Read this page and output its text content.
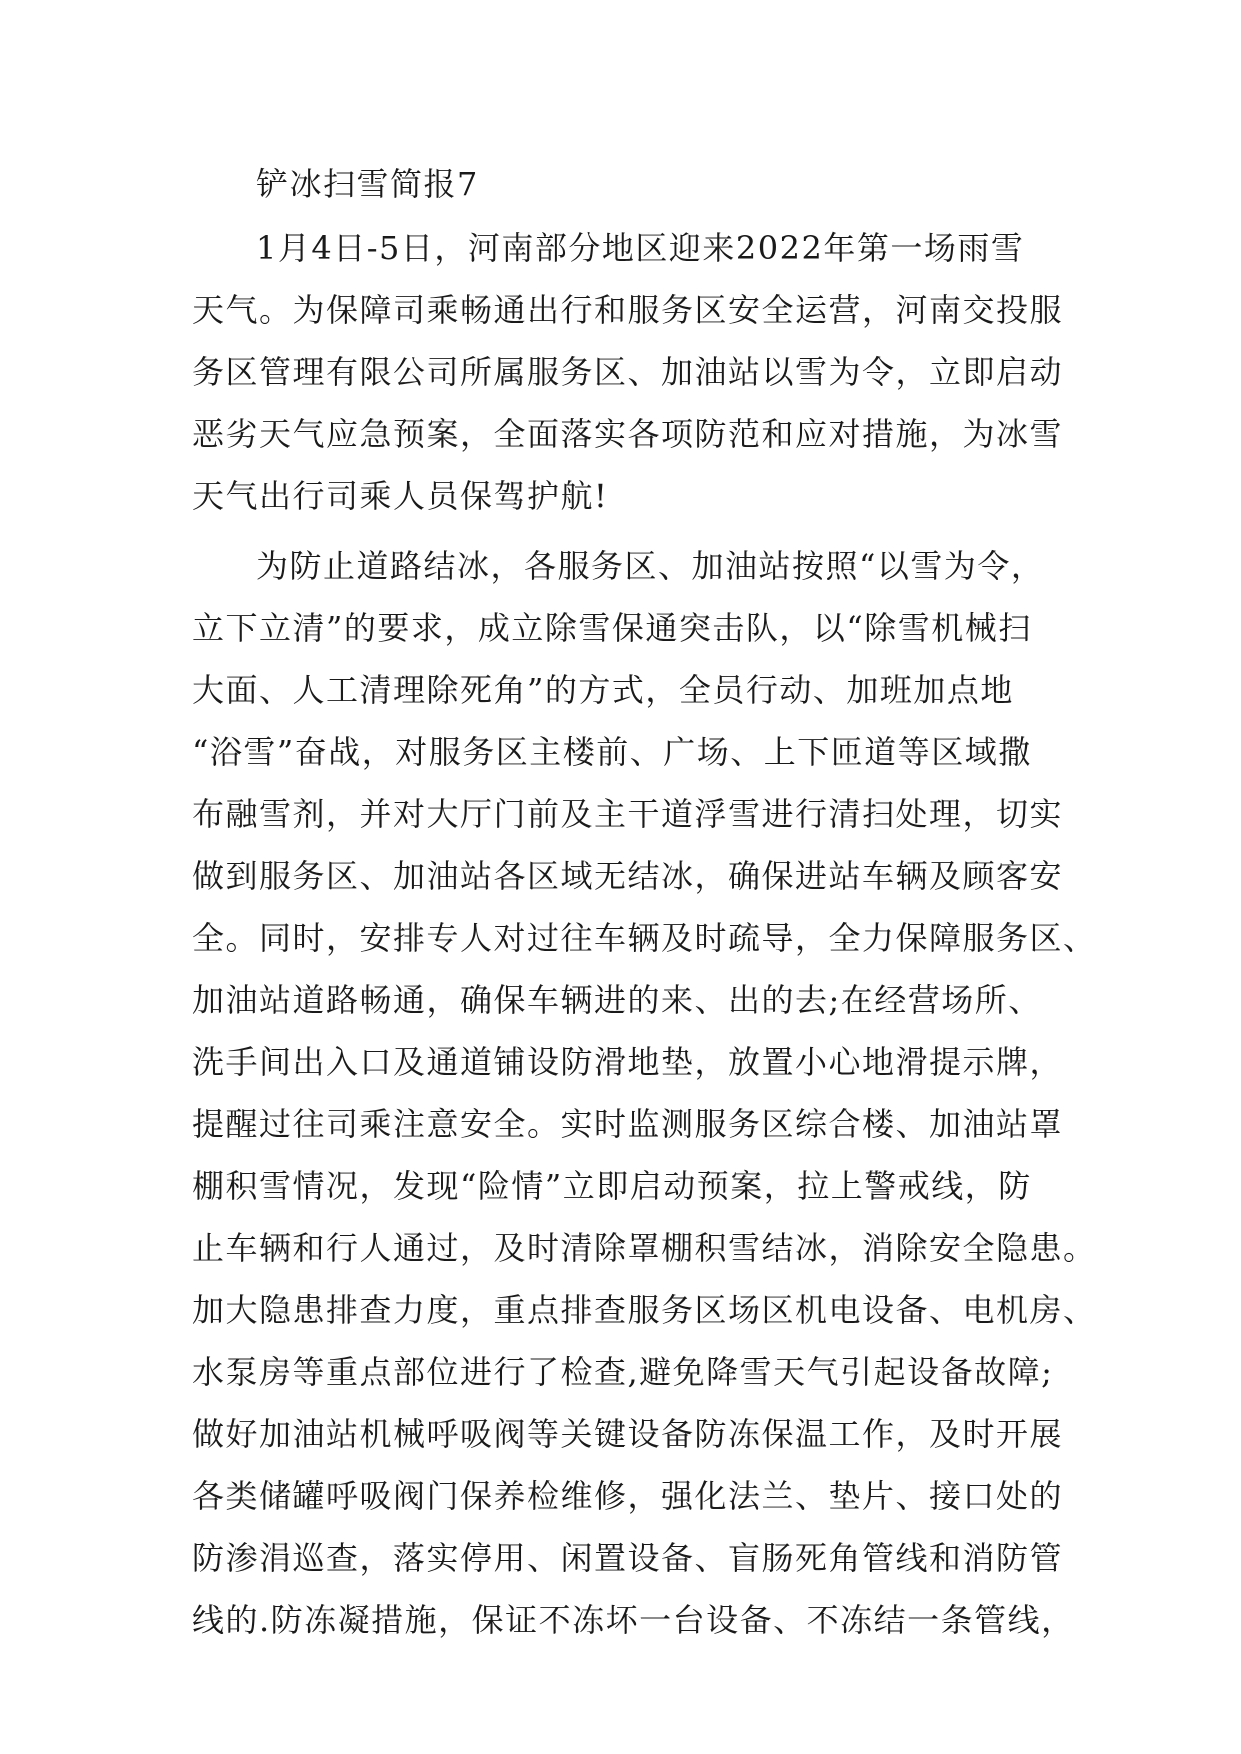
铲冰扫雪简报7
1月4日-5日，河南部分地区迎来2022年第一场雨雪
天气。为保障司乘畅通出行和服务区安全运营，河南交投服
务区管理有限公司所属服务区、加油站以雪为令，立即启动
恶劣天气应急预案，全面落实各项防范和应对措施，为冰雪
天气出行司乘人员保驾护航!
为防止道路结冰，各服务区、加油站按照“以雪为令，
立下立清”的要求，成立除雪保通突击队，以“除雪机械扫
大面、人工清理除死角”的方式，全员行动、加班加点地
“浴雪”奋战，对服务区主楼前、广场、上下匝道等区域撒
布融雪剂，并对大厅门前及主干道浮雪进行清扫处理，切实
做到服务区、加油站各区域无结冰，确保进站车辆及顾客安
全。同时，安排专人对过往车辆及时疏导，全力保障服务区、
加油站道路畅通，确保车辆进的来、出的去;在经营场所、
洗手间出入口及通道铺设防滑地垫，放置小心地滑提示牌，
提醒过往司乘注意安全。实时监测服务区综合楼、加油站罩
棚积雪情况，发现“险情”立即启动预案，拉上警戒线，防
止车辆和行人通过，及时清除罩棚积雪结冰，消除安全隐患。
加大隐患排查力度，重点排查服务区场区机电设备、电机房、
水泵房等重点部位进行了检查,避免降雪天气引起设备故障;
做好加油站机械呼吸阀等关键设备防冻保温工作，及时开展
各类储罐呼吸阀门保养检维修，强化法兰、垫片、接口处的
防渗涓巡查，落实停用、闲置设备、盲肠死角管线和消防管
线的.防冻凝措施，保证不冻坏一台设备、不冻结一条管线，
